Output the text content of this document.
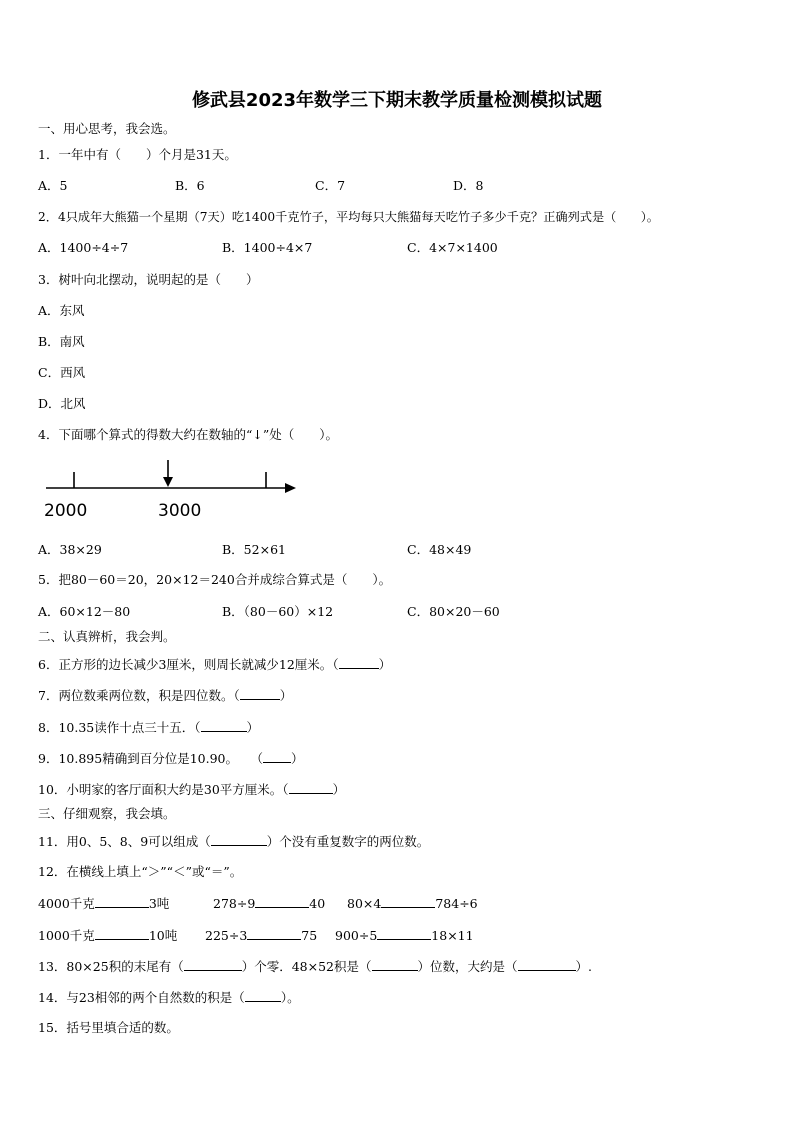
修武县2023年数学三下期末教学质量检测模拟试题
一、用心思考，我会选。
1．一年中有（　　）个月是31天。
A．5	B．6	C．7	D．8
2．4只成年大熊猫一个星期（7天）吃1400千克竹子，平均每只大熊猫每天吃竹子多少千克？正确列式是（　　）。
A．1400÷4÷7	B．1400÷4×7	C．4×7×1400
3．树叶向北摆动，说明起的是（　　）
A．东风
B．南风
C．西风
D．北风
4．下面哪个算式的得数大约在数轴的“↓”处（　　）。
2000	3000
A．38×29	B．52×61	C．48×49
5．把80－60＝20，20×12＝240合并成综合算式是（　　）。
A．60×12－80	B．（80－60）×12	C．80×20－60
二、认真辨析，我会判。
6．正方形的边长减少3厘米，则周长就减少12厘米。（	）
7．两位数乘两位数，积是四位数。（	）
8．10.35读作十点三十五．（	）
9．10.895精确到百分位是10.90。　　（ ）
10．小明家的客厅面积大约是30平方厘米。（	）
三、仔细观察，我会填。
11．用0、5、8、9可以组成（	）个没有重复数字的两位数。
12．在横线上填上“＞”“＜”或“＝”。
4000千克	3吨	278÷9	40 80×4	784÷6
1000千克	10吨 225÷3	75 900÷5	18×11
13．80×25积的末尾有（	）个零．48×52积是（	）位数，大约是（	）.
14．与23相邻的两个自然数的积是（	）。
15．括号里填合适的数。
